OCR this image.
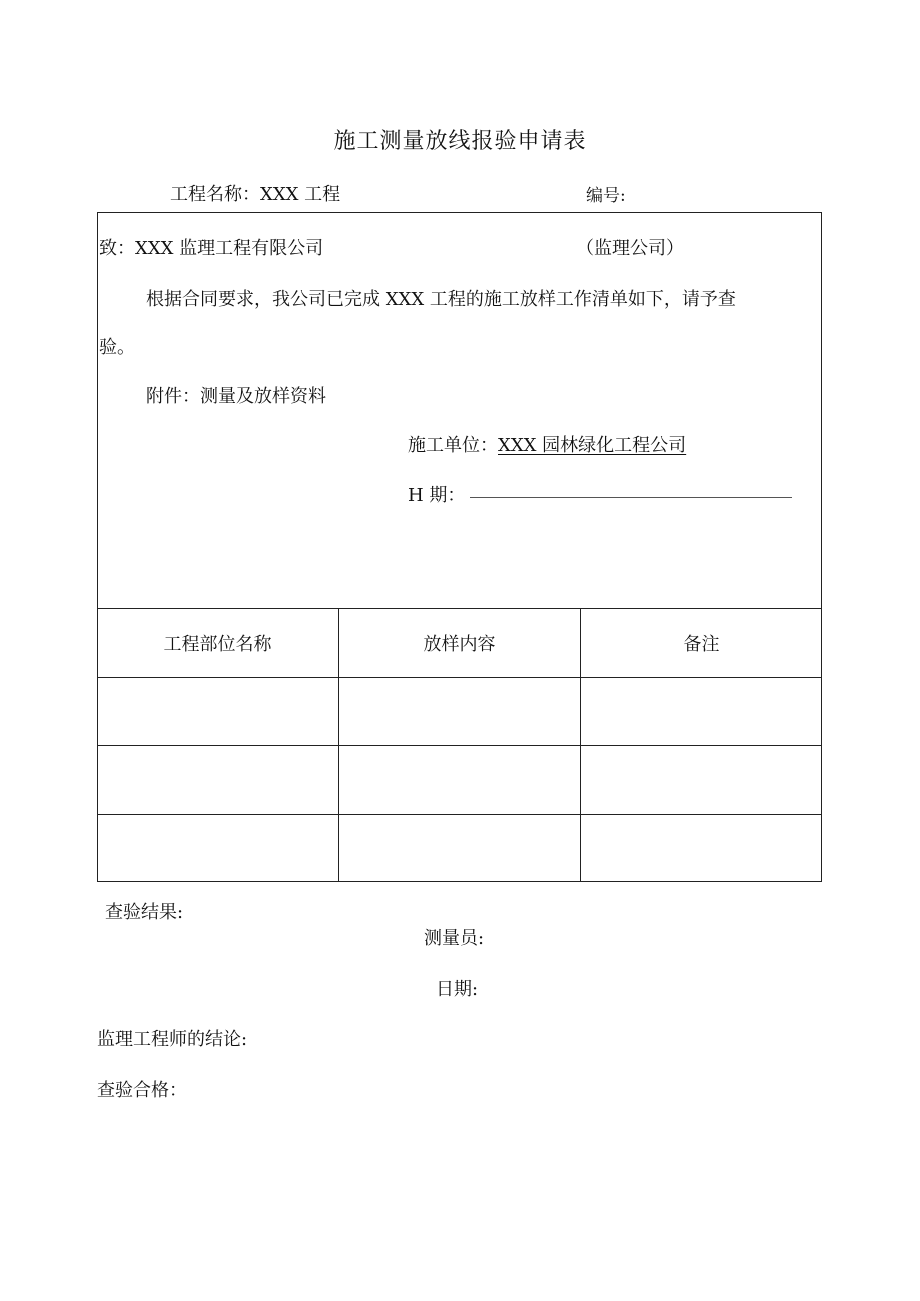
施工测量放线报验申请表
工程名称：XXX 工程	编号:
致：XXX 监理工程有限公司	（监理公司）
根据合同要求，我公司已完成 XXX 工程的施工放样工作清单如下，请予查
验。
附件：测量及放样资料
施工单位：XXX 园林绿化工程公司
H 期：
工程部位名称	放样内容	备注
查验结果:
测量员:
日期:
监理工程师的结论:
查验合格：
